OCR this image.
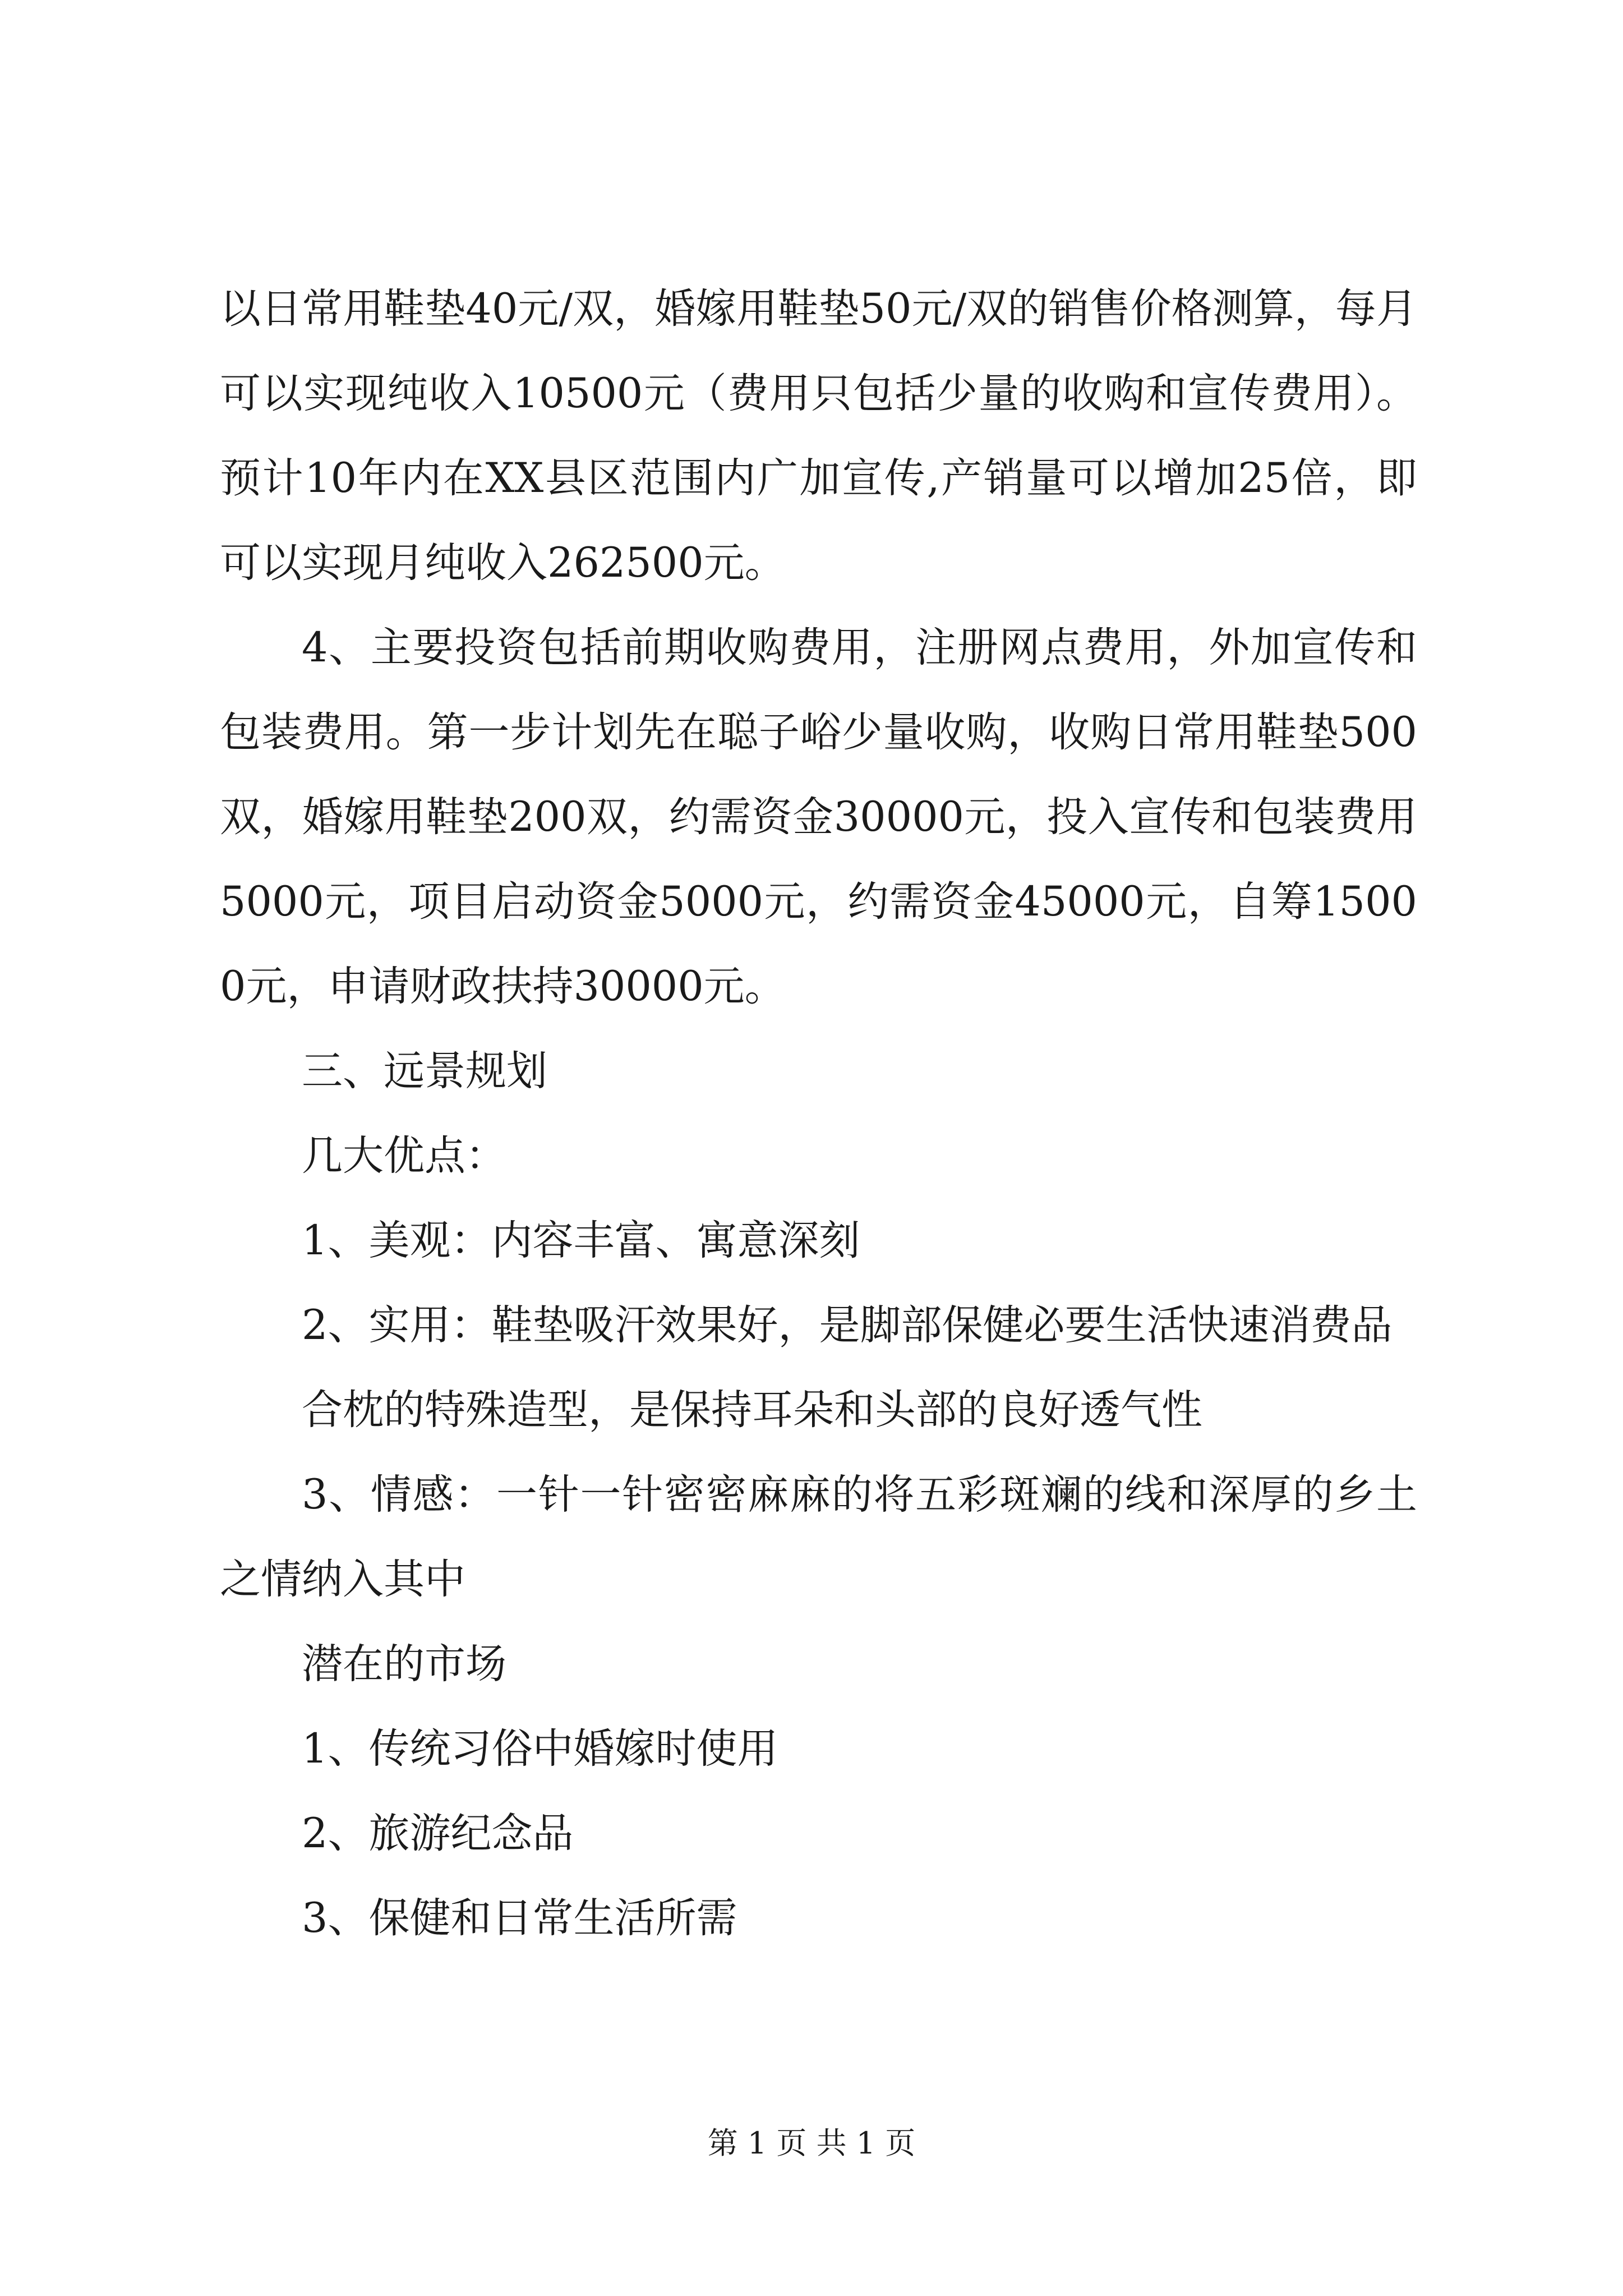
以日常用鞋垫40元/双，婚嫁用鞋垫50元/双的销售价格测算，每月可以实现纯收入10500元（费用只包括少量的收购和宣传费用）。预计10年内在XX县区范围内广加宣传,产销量可以增加25倍，即可以实现月纯收入262500元。

4、主要投资包括前期收购费用，注册网点费用，外加宣传和包装费用。第一步计划先在聪子峪少量收购，收购日常用鞋垫500双，婚嫁用鞋垫200双，约需资金30000元，投入宣传和包装费用5000元，项目启动资金5000元，约需资金45000元，自筹15000元，申请财政扶持30000元。

三、远景规划

几大优点：

1、美观：内容丰富、寓意深刻

2、实用：鞋垫吸汗效果好，是脚部保健必要生活快速消费品

合枕的特殊造型，是保持耳朵和头部的良好透气性

3、情感：一针一针密密麻麻的将五彩斑斓的线和深厚的乡土之情纳入其中

潜在的市场

1、传统习俗中婚嫁时使用

2、旅游纪念品

3、保健和日常生活所需

第 1 页 共 1 页
